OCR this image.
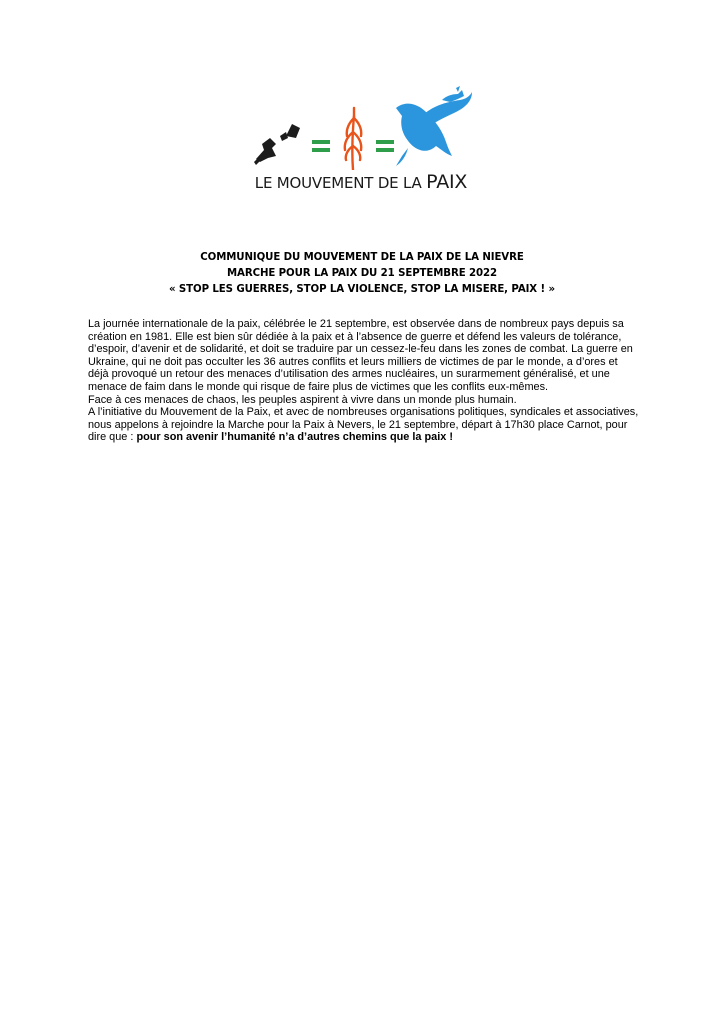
LE MOUVEMENT DE LA PAIX
COMMUNIQUE DU MOUVEMENT DE LA PAIX DE LA NIEVRE
MARCHE POUR LA PAIX DU 21 SEPTEMBRE 2022
« STOP LES GUERRES, STOP LA VIOLENCE, STOP LA MISERE, PAIX ! »

La journée internationale de la paix, célébrée le 21 septembre, est observée dans de nombreux pays depuis sa création en 1981. Elle est bien sûr dédiée à la paix et à l’absence de guerre et défend les valeurs de tolérance, d’espoir, d’avenir et de solidarité, et doit se traduire par un cessez-le-feu dans les zones de combat. La guerre en Ukraine, qui ne doit pas occulter les 36 autres conflits et leurs milliers de victimes de par le monde, a d’ores et déjà provoqué un retour des menaces d’utilisation des armes nucléaires, un surarmement généralisé, et une menace de faim dans le monde qui risque de faire plus de victimes que les conflits eux-mêmes.

Face à ces menaces de chaos, les peuples aspirent à vivre dans un monde plus humain.

A l’initiative du Mouvement de la Paix, et avec de nombreuses organisations politiques, syndicales et associatives, nous appelons à rejoindre la Marche pour la Paix à Nevers, le 21 septembre, départ à 17h30 place Carnot, pour dire que : pour son avenir l’humanité n’a d’autres chemins que la paix !
